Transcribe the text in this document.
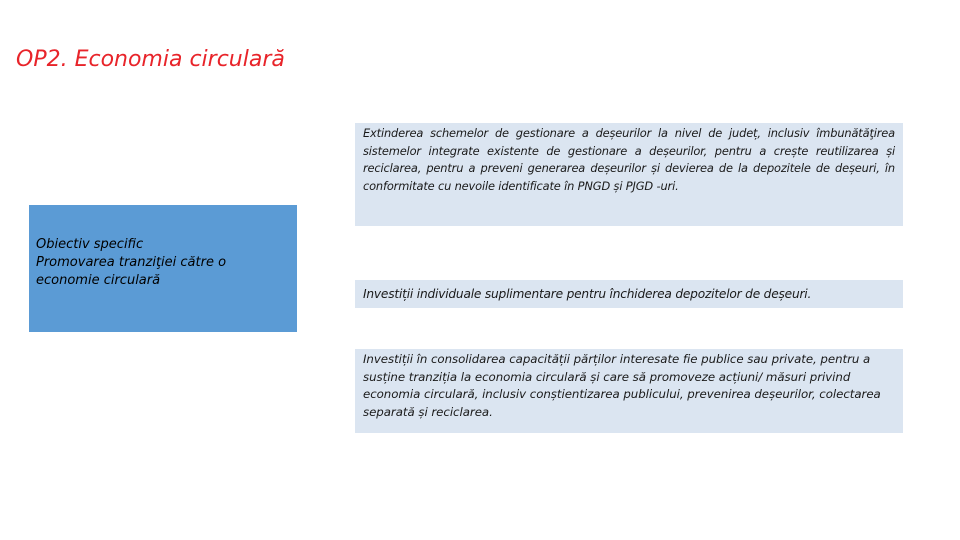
OP2. Economia circulară
Obiectiv specific
Promovarea tranziţiei către o
economie circulară
Extinderea schemelor de gestionare a deșeurilor la nivel de județ, inclusiv îmbunătăţirea sistemelor integrate existente de gestionare a deșeurilor, pentru a crește reutilizarea și reciclarea, pentru a preveni generarea deșeurilor și devierea de la depozitele de deșeuri, în conformitate cu nevoile identificate în PNGD și PJGD -uri.
Investiții individuale suplimentare pentru închiderea depozitelor de deșeuri.
Investiții în consolidarea capacității părților interesate fie publice sau private, pentru a susține tranziția la economia circulară și care să promoveze acțiuni/ măsuri privind economia circulară, inclusiv conștientizarea publicului, prevenirea deșeurilor, colectarea separată și reciclarea.
